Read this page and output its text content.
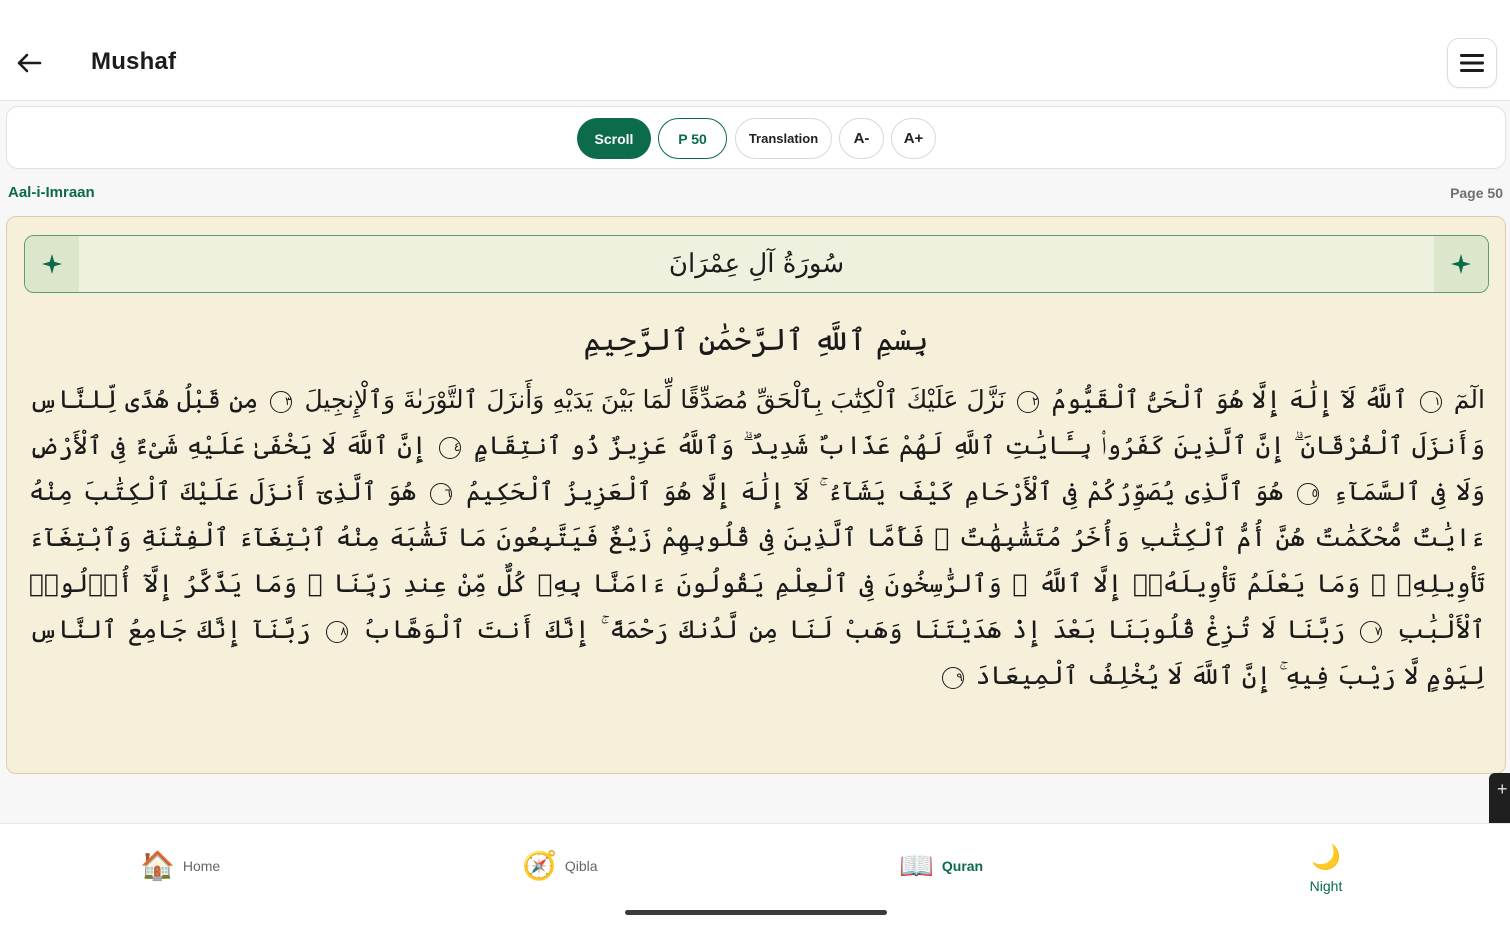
Mushaf
Scroll	P 50	Translation	A-	A+
Aal-i-Imraan	Page 50
سُورَةُ آلِ عِمْرَانَ
بِسْمِ ٱللَّهِ ٱلرَّحْمَٰنِ ٱلرَّحِيمِ
الٓمٓ ١ ٱللَّهُ لَآ إِلَٰهَ إِلَّا هُوَ ٱلْحَىُّ ٱلْقَيُّومُ ٢ نَزَّلَ عَلَيْكَ ٱلْكِتَٰبَ بِٱلْحَقِّ مُصَدِّقًا لِّمَا بَيْنَ يَدَيْهِ وَأَنزَلَ ٱلتَّوْرَىٰةَ وَٱلْإِنجِيلَ ٣ مِن قَبْلُ هُدًى لِّلنَّاسِ وَأَنزَلَ ٱلْفُرْقَانَ ۗ إِنَّ ٱلَّذِينَ كَفَرُوا۟ بِـَٔايَٰتِ ٱللَّهِ لَهُمْ عَذَابٌ شَدِيدٌ ۗ وَٱللَّهُ عَزِيزٌ ذُو ٱنتِقَامٍ ٤ إِنَّ ٱللَّهَ لَا يَخْفَىٰ عَلَيْهِ شَىْءٌ فِى ٱلْأَرْضِ وَلَا فِى ٱلسَّمَآءِ ٥ هُوَ ٱلَّذِى يُصَوِّرُكُمْ فِى ٱلْأَرْحَامِ كَيْفَ يَشَآءُ ۚ لَآ إِلَٰهَ إِلَّا هُوَ ٱلْعَزِيزُ ٱلْحَكِيمُ ٦ هُوَ ٱلَّذِىٓ أَنزَلَ عَلَيْكَ ٱلْكِتَٰبَ مِنْهُ ءَايَٰتٌ مُّحْكَمَٰتٌ هُنَّ أُمُّ ٱلْكِتَٰبِ وَأُخَرُ مُتَشَٰبِهَٰتٌ ۖ فَأَمَّا ٱلَّذِينَ فِى قُلُوبِهِمْ زَيْغٌ فَيَتَّبِعُونَ مَا تَشَٰبَهَ مِنْهُ ٱبْتِغَآءَ ٱلْفِتْنَةِ وَٱبْتِغَآءَ تَأْوِيلِهِۦ ۗ وَمَا يَعْلَمُ تَأْوِيلَهُۥٓ إِلَّا ٱللَّهُ ۗ وَٱلرَّٰسِخُونَ فِى ٱلْعِلْمِ يَقُولُونَ ءَامَنَّا بِهِۦ كُلٌّ مِّنْ عِندِ رَبِّنَا ۗ وَمَا يَذَّكَّرُ إِلَّآ أُو۟لُوا۟ ٱلْأَلْبَٰبِ ٧ رَبَّنَا لَا تُزِغْ قُلُوبَنَا بَعْدَ إِذْ هَدَيْتَنَا وَهَبْ لَنَا مِن لَّدُنكَ رَحْمَةً ۚ إِنَّكَ أَنتَ ٱلْوَهَّابُ ٨ رَبَّنَآ إِنَّكَ جَامِعُ ٱلنَّاسِ لِيَوْمٍ لَّا رَيْبَ فِيهِ ۚ إِنَّ ٱللَّهَ لَا يُخْلِفُ ٱلْمِيعَادَ ٩
+
🏠 Home	🧭 Qibla	📖 Quran	🌙
Night
